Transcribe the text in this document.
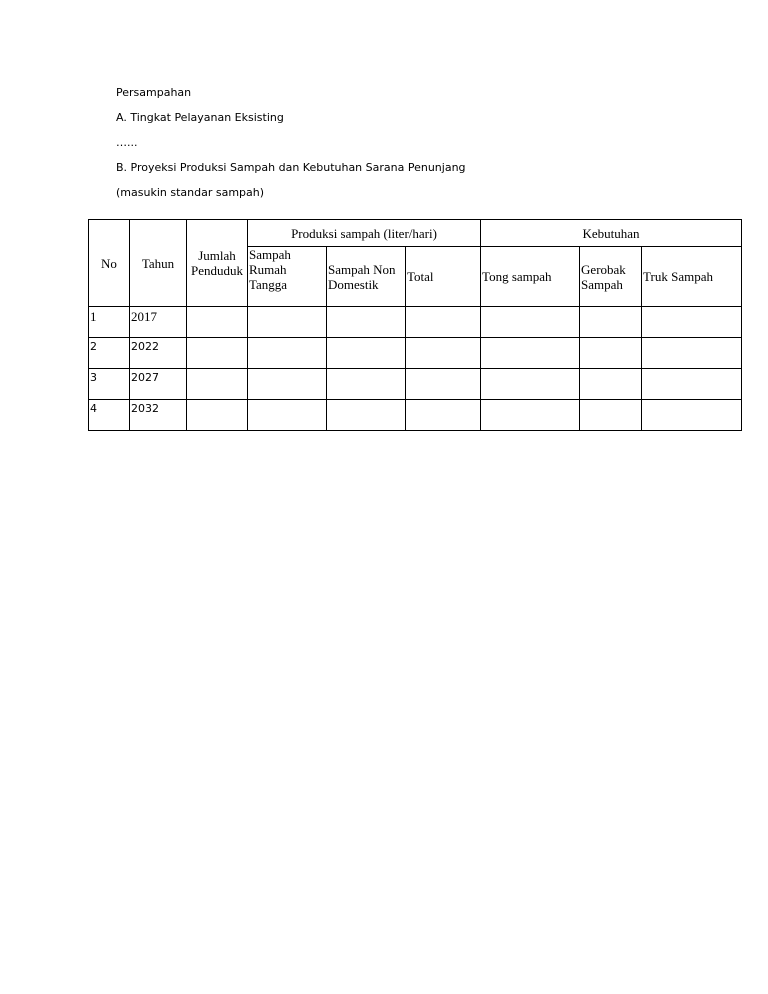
Persampahan
A. Tingkat Pelayanan Eksisting
…...
B. Proyeksi Produksi Sampah dan Kebutuhan Sarana Penunjang
(masukin standar sampah)
No	Tahun	Jumlah Penduduk	Produksi sampah (liter/hari)			Kebutuhan		
			Sampah Rumah Tangga	Sampah Non Domestik	Total	Tong sampah	Gerobak Sampah	Truk Sampah
1	2017							
2	2022							
3	2027							
4	2032							
